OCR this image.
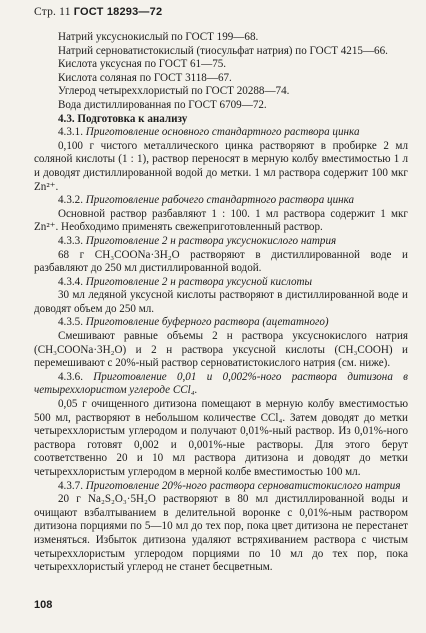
Стр. 11 ГОСТ 18293—72

Натрий уксуснокислый по ГОСТ 199—68.

Натрий серноватистокислый (тиосульфат натрия) по ГОСТ 4215—66.

Кислота уксусная по ГОСТ 61—75.

Кислота соляная по ГОСТ 3118—67.

Углерод четыреххлористый по ГОСТ 20288—74.

Вода дистиллированная по ГОСТ 6709—72.

4.3. Подготовка к анализу

4.3.1. Приготовление основного стандартного раствора цинка

0,100 г чистого металлического цинка растворяют в пробирке 2 мл соляной кислоты (1 : 1), раствор переносят в мерную колбу вместимостью 1 л и доводят дистиллированной водой до метки. 1 мл раствора содержит 100 мкг Zn²⁺.

4.3.2. Приготовление рабочего стандартного раствора цинка

Основной раствор разбавляют 1 : 100. 1 мл раствора содержит 1 мкг Zn²⁺. Необходимо применять свежеприготовленный раствор.

4.3.3. Приготовление 2 н раствора уксуснокислого натрия

68 г CH₃COONa·3H₂O растворяют в дистиллированной воде и разбавляют до 250 мл дистиллированной водой.

4.3.4. Приготовление 2 н раствора уксусной кислоты

30 мл ледяной уксусной кислоты растворяют в дистиллированной воде и доводят объем до 250 мл.

4.3.5. Приготовление буферного раствора (ацетатного)

Смешивают равные объемы 2 н раствора уксуснокислого натрия (CH₃COONa·3H₂O) и 2 н раствора уксусной кислоты (CH₃COOH) и перемешивают с 20%-ный раствор серноватистокислого натрия (см. ниже).

4.3.6. Приготовление 0,01 и 0,002%-ного раствора дитизона в четыреххлористом углероде CCl₄.

0,05 г очищенного дитизона помещают в мерную колбу вместимостью 500 мл, растворяют в небольшом количестве CCl₄. Затем доводят до метки четыреххлористым углеродом и получают 0,01%-ный раствор. Из 0,01%-ного раствора готовят 0,002 и 0,001%-ные растворы. Для этого берут соответственно 20 и 10 мл раствора дитизона и доводят до метки четыреххлористым углеродом в мерной колбе вместимостью 100 мл.

4.3.7. Приготовление 20%-ного раствора серноватистокислого натрия

20 г Na₂S₂O₃·5H₂O растворяют в 80 мл дистиллированной воды и очищают взбалтыванием в делительной воронке с 0,01%-ным раствором дитизона порциями по 5—10 мл до тех пор, пока цвет дитизона не перестанет изменяться. Избыток дитизона удаляют встряхиванием раствора с чистым четыреххлористым углеродом порциями по 10 мл до тех пор, пока четыреххлористый углерод не станет бесцветным.

108
